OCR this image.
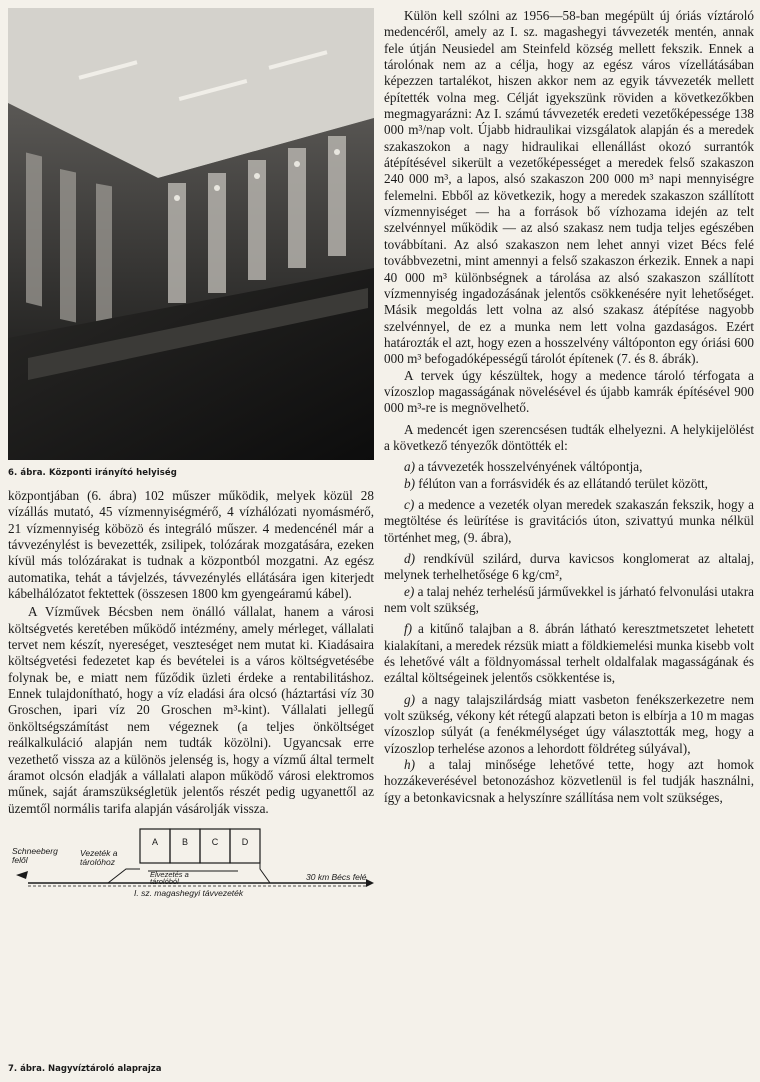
6. ábra. Központi irányító helyiség

központjában (6. ábra) 102 műszer működik, melyek közül 28 vízállás mutató, 45 vízmennyiségmérő, 4 vízhálózati nyomásmérő, 21 vízmennyiség köbözö és integráló műszer. 4 medencénél már a távvezénylést is bevezették, zsilipek, tolózárak mozgatására, ezeken kívül más tolózárakat is tudnak a központból mozgatni. Az egész automatika, tehát a távjelzés, távvezénylés ellátására igen kiterjedt kábelhálózatot fektettek (összesen 1800 km gyengeáramú kábel).

A Vízművek Bécsben nem önálló vállalat, hanem a városi költségvetés keretében működő intézmény, amely mérleget, vállalati tervet nem készít, nyereséget, veszteséget nem mutat ki. Kiadásaira költségvetési fedezetet kap és bevételei is a város költségvetésébe folynak be, e miatt nem fűződik üzleti érdeke a rentabilitáshoz. Ennek tulajdonítható, hogy a víz eladási ára olcsó (háztartási víz 30 Groschen, ipari víz 20 Groschen m³-kint). Vállalati jellegű önköltségszámítást nem végeznek (a teljes önköltséget reálkalkuláció alapján nem tudták közölni). Ugyancsak erre vezethető vissza az a különös jelenség is, hogy a vízmű által termelt áramot olcsón eladják a vállalati alapon működő városi elektromos műnek, saját áramszükségletük jelentős részét pedig ugyanettől az üzemtől normális tarifa alapján vásárolják vissza.

A	B	C	D
Schneeberg
felől
Vezeték a
tárolóhoz
Elvezetés a
tárolóból
I. sz. magashegyi távvezeték
30 km Bécs felé
7. ábra. Nagyvíztároló alaprajza

Külön kell szólni az 1956—58-ban megépült új óriás víztároló medencéről, amely az I. sz. magashegyi távvezeték mentén, annak fele útján Neusiedel am Steinfeld község mellett fekszik. Ennek a tárolónak nem az a célja, hogy az egész város vízellátásában képezzen tartalékot, hiszen akkor nem az egyik távvezeték mellett építették volna meg. Célját igyekszünk röviden a következőkben megmagyarázni: Az I. számú távvezeték eredeti vezetőképessége 138 000 m³/nap volt. Újabb hidraulikai vizsgálatok alapján és a meredek szakaszokon a nagy hidraulikai ellenállást okozó surrantók átépítésével sikerült a vezetőképességet a meredek felső szakaszon 240 000 m³, a lapos, alsó szakaszon 200 000 m³ napi mennyiségre felemelni. Ebből az következik, hogy a meredek szakaszon szállított vízmennyiséget — ha a források bő vízhozama idején az telt szelvénnyel működik — az alsó szakasz nem tudja teljes egészében továbbítani. Az alsó szakaszon nem lehet annyi vizet Bécs felé továbbvezetni, mint amennyi a felső szakaszon érkezik. Ennek a napi 40 000 m³ különbségnek a tárolása az alsó szakaszon szállított vízmennyiség ingadozásának jelentős csökkenésére nyit lehetőséget. Másik megoldás lett volna az alsó szakasz átépítése nagyobb szelvénnyel, de ez a munka nem lett volna gazdaságos. Ezért határozták el azt, hogy ezen a hosszelvény váltóponton egy óriási 600 000 m³ befogadóképességű tárolót építenek (7. és 8. ábrák).

A tervek úgy készültek, hogy a medence tároló térfogata a vízoszlop magasságának növelésével és újabb kamrák építésével 900 000 m³-re is megnövelhető.

A medencét igen szerencsésen tudták elhelyezni. A helykijelölést a következő tényezők döntötték el:

a) a távvezeték hosszelvényének váltópontja,

b) félúton van a forrásvidék és az ellátandó terület között,

c) a medence a vezeték olyan meredek szakaszán fekszik, hogy a megtöltése és leürítése is gravitációs úton, szivattyú munka nélkül történhet meg, (9. ábra),

d) rendkívül szilárd, durva kavicsos konglomerat az altalaj, melynek terhelhetősége 6 kg/cm²,

e) a talaj nehéz terhelésű járművekkel is járható felvonulási utakra nem volt szükség,

f) a kitűnő talajban a 8. ábrán látható keresztmetszetet lehetett kialakítani, a meredek rézsük miatt a földkiemelési munka kisebb volt és lehetővé vált a földnyomással terhelt oldalfalak magasságának és ezáltal költségeinek jelentős csökkentése is,

g) a nagy talajszilárdság miatt vasbeton fenékszerkezetre nem volt szükség, vékony két rétegű alapzati beton is elbírja a 10 m magas vízoszlop súlyát (a fenékmélységet úgy választották meg, hogy a vízoszlop terhelése azonos a lehordott földréteg súlyával),

h) a talaj minősége lehetővé tette, hogy azt homok hozzákeverésével betonozáshoz közvetlenül is fel tudják használni, így a betonkavicsnak a helyszínre szállítása nem volt szükséges,
